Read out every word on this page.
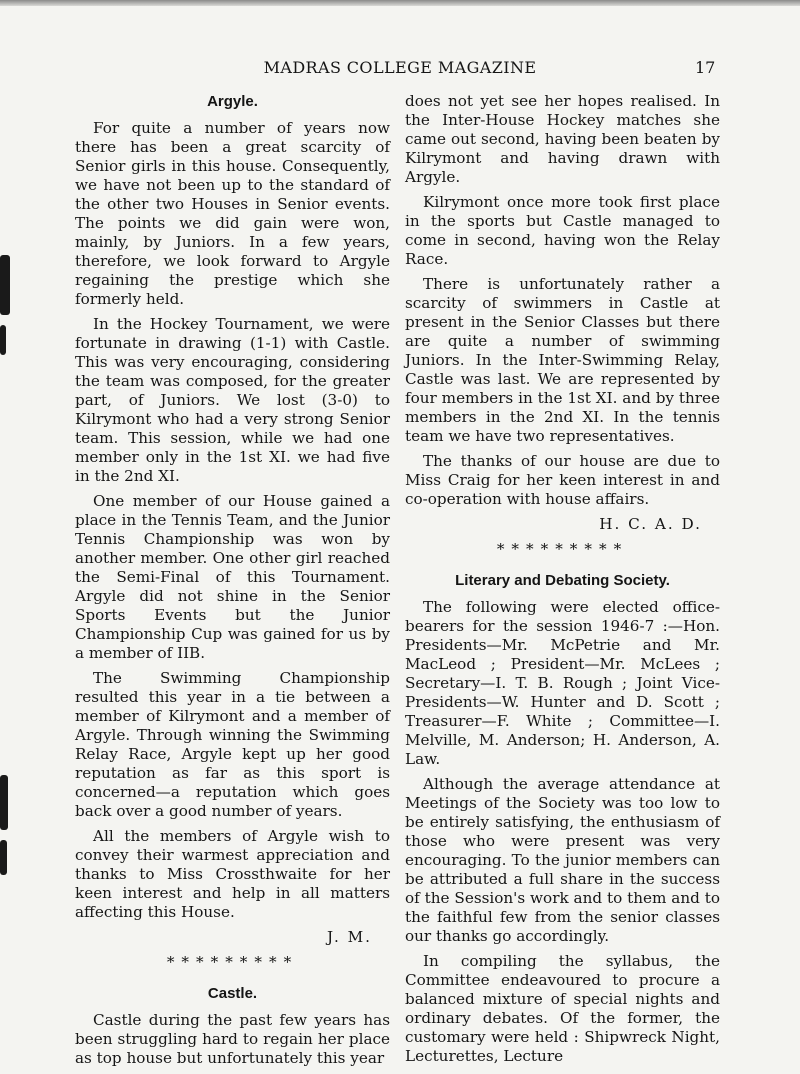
MADRAS COLLEGE MAGAZINE	17
Argyle.

For quite a number of years now there has been a great scarcity of Senior girls in this house. Consequently, we have not been up to the standard of the other two Houses in Senior events. The points we did gain were won, mainly, by Juniors. In a few years, therefore, we look forward to Argyle regaining the prestige which she formerly held.

In the Hockey Tournament, we were fortunate in drawing (1-1) with Castle. This was very encouraging, considering the team was composed, for the greater part, of Juniors. We lost (3-0) to Kilrymont who had a very strong Senior team. This session, while we had one member only in the 1st XI. we had five in the 2nd XI.

One member of our House gained a place in the Tennis Team, and the Junior Tennis Championship was won by another member. One other girl reached the Semi-Final of this Tournament. Argyle did not shine in the Senior Sports Events but the Junior Championship Cup was gained for us by a member of IIB.

The Swimming Championship resulted this year in a tie between a member of Kilrymont and a member of Argyle. Through winning the Swimming Relay Race, Argyle kept up her good reputation as far as this sport is concerned—a reputation which goes back over a good number of years.

All the members of Argyle wish to convey their warmest appreciation and thanks to Miss Crossthwaite for her keen interest and help in all matters affecting this House.

J. M.

*********
Castle.

Castle during the past few years has been struggling hard to regain her place as top house but unfortunately this year

does not yet see her hopes realised. In the Inter-House Hockey matches she came out second, having been beaten by Kilrymont and having drawn with Argyle.

Kilrymont once more took first place in the sports but Castle managed to come in second, having won the Relay Race.

There is unfortunately rather a scarcity of swimmers in Castle at present in the Senior Classes but there are quite a number of swimming Juniors. In the Inter-Swimming Relay, Castle was last. We are represented by four members in the 1st XI. and by three members in the 2nd XI. In the tennis team we have two representatives.

The thanks of our house are due to Miss Craig for her keen interest in and co-operation with house affairs.

H. C. A. D.

*********
Literary and Debating Society.

The following were elected office-bearers for the session 1946-7 :—Hon. Presidents—Mr. McPetrie and Mr. MacLeod ; President—Mr. McLees ; Secretary—I. T. B. Rough ; Joint Vice-Presidents—W. Hunter and D. Scott ; Treasurer—F. White ; Committee—I. Melville, M. Anderson; H. Anderson, A. Law.

Although the average attendance at Meetings of the Society was too low to be entirely satisfying, the enthusiasm of those who were present was very encouraging. To the junior members can be attributed a full share in the success of the Session's work and to them and to the faithful few from the senior classes our thanks go accordingly.

In compiling the syllabus, the Committee endeavoured to procure a balanced mixture of special nights and ordinary debates. Of the former, the customary were held : Shipwreck Night, Lecturettes, Lecture
